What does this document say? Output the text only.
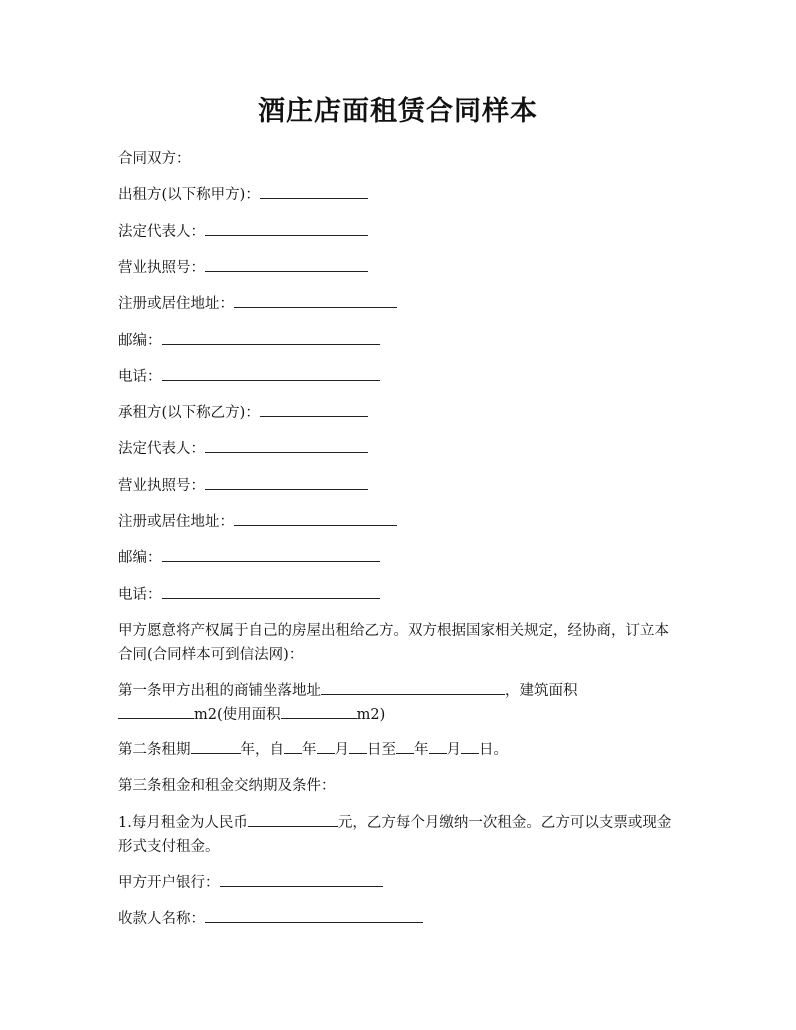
酒庄店面租赁合同样本
合同双方：
出租方(以下称甲方)：
法定代表人：
营业执照号：
注册或居住地址：
邮编：
电话：
承租方(以下称乙方)：
法定代表人：
营业执照号：
注册或居住地址：
邮编：
电话：
甲方愿意将产权属于自己的房屋出租给乙方。双方根据国家相关规定，经协商，订立本合同(合同样本可到信法网)：
第一条甲方出租的商铺坐落地址	，建筑面积
m2(使用面积	m2)
第二条租期	年，自 年 月 日至 年 月 日。
第三条租金和租金交纳期及条件：
1.每月租金为人民币	元，乙方每个月缴纳一次租金。乙方可以支票或现金形式支付租金。
甲方开户银行：
收款人名称：
